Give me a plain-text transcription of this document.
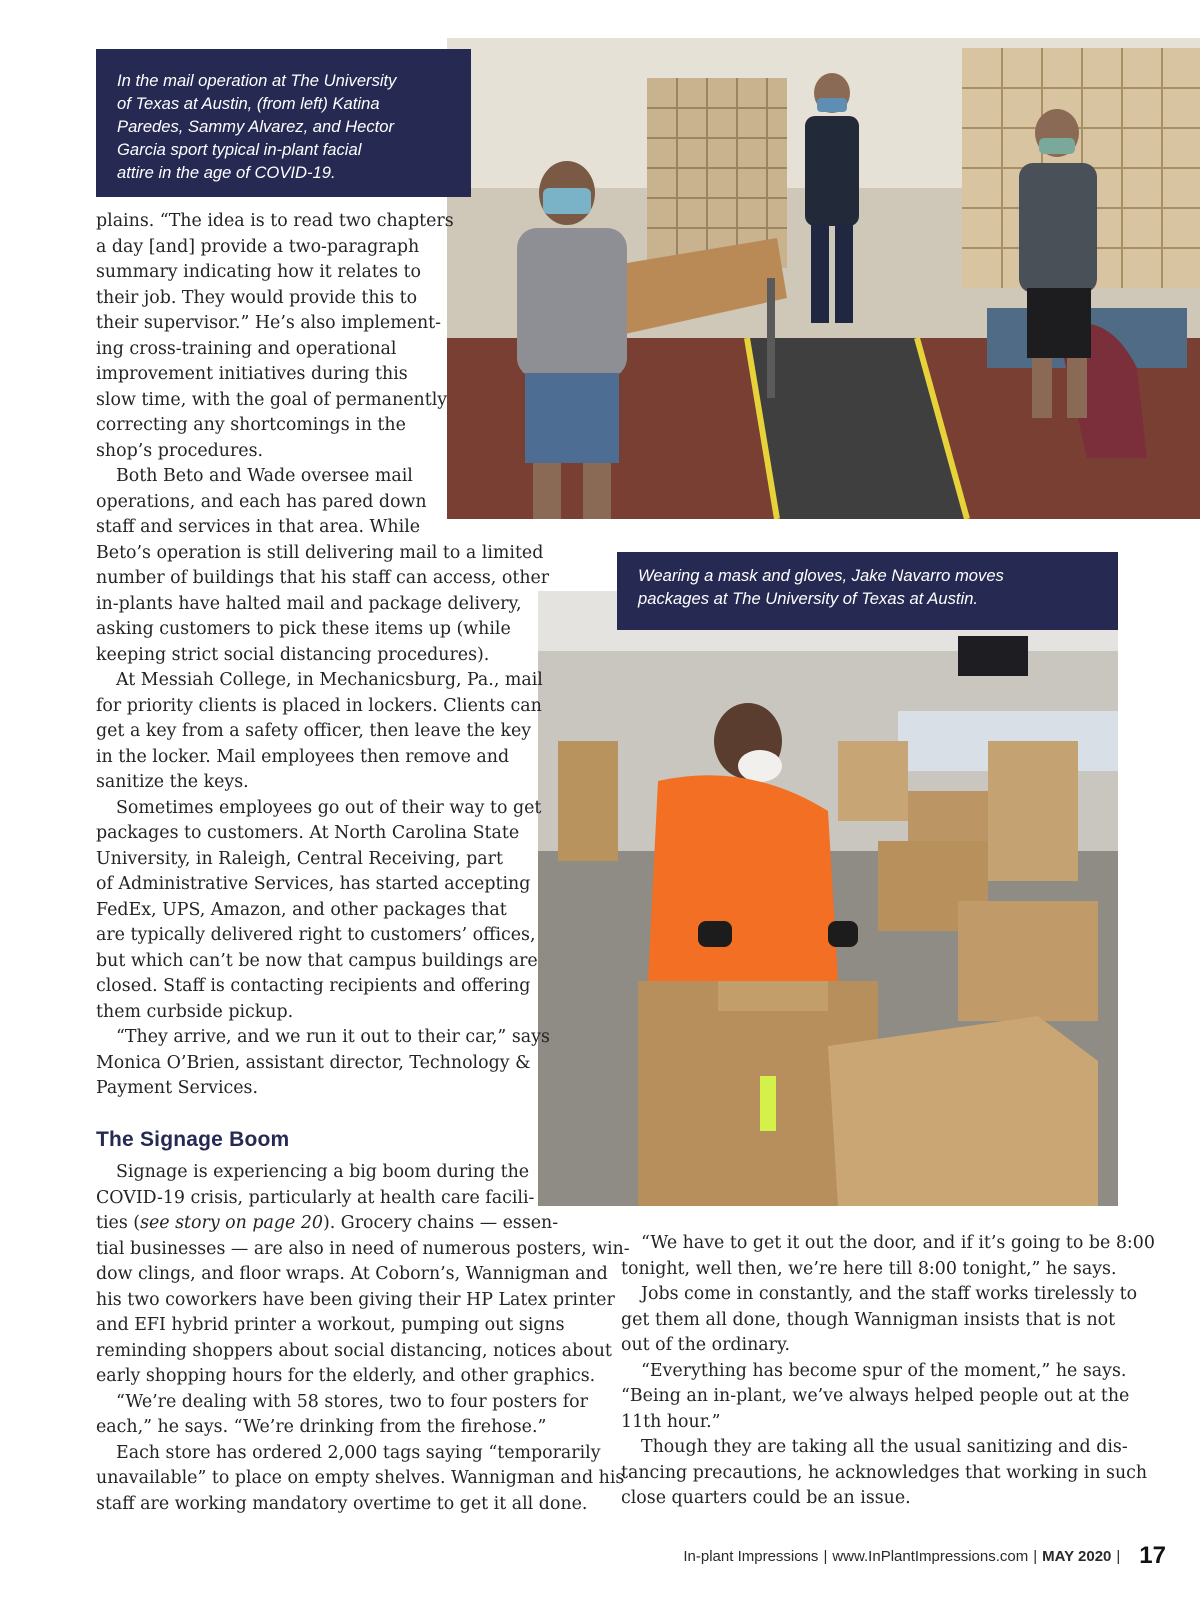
In the mail operation at The University
of Texas at Austin, (from left) Katina
Paredes, Sammy Alvarez, and Hector
Garcia sport typical in-plant facial
attire in the age of COVID-19.
Wearing a mask and gloves, Jake Navarro moves
packages at The University of Texas at Austin.
plains. “The idea is to read two chapters
a day [and] provide a two-paragraph
summary indicating how it relates to
their job. They would provide this to
their supervisor.” He’s also implement-
ing cross-training and operational
improvement initiatives during this
slow time, with the goal of permanently
correcting any shortcomings in the
shop’s procedures.
Both Beto and Wade oversee mail
operations, and each has pared down
staff and services in that area. While
Beto’s operation is still delivering mail to a limited
number of buildings that his staff can access, other
in-plants have halted mail and package delivery,
asking customers to pick these items up (while
keeping strict social distancing procedures).
At Messiah College, in Mechanicsburg, Pa., mail
for priority clients is placed in lockers. Clients can
get a key from a safety officer, then leave the key
in the locker. Mail employees then remove and
sanitize the keys.
Sometimes employees go out of their way to get
packages to customers. At North Carolina State
University, in Raleigh, Central Receiving, part
of Administrative Services, has started accepting
FedEx, UPS, Amazon, and other packages that
are typically delivered right to customers’ offices,
but which can’t be now that campus buildings are
closed. Staff is contacting recipients and offering
them curbside pickup.
“They arrive, and we run it out to their car,” says
Monica O’Brien, assistant director, Technology &
Payment Services.
The Signage Boom
Signage is experiencing a big boom during the
COVID-19 crisis, particularly at health care facili-
ties (see story on page 20). Grocery chains — essen-
tial businesses — are also in need of numerous posters, win-
dow clings, and floor wraps. At Coborn’s, Wannigman and
his two coworkers have been giving their HP Latex printer
and EFI hybrid printer a workout, pumping out signs
reminding shoppers about social distancing, notices about
early shopping hours for the elderly, and other graphics.
“We’re dealing with 58 stores, two to four posters for
each,” he says. “We’re drinking from the firehose.”
Each store has ordered 2,000 tags saying “temporarily
unavailable” to place on empty shelves. Wannigman and his
staff are working mandatory overtime to get it all done.
“We have to get it out the door, and if it’s going to be 8:00
tonight, well then, we’re here till 8:00 tonight,” he says.
Jobs come in constantly, and the staff works tirelessly to
get them all done, though Wannigman insists that is not
out of the ordinary.
“Everything has become spur of the moment,” he says.
“Being an in-plant, we’ve always helped people out at the
11th hour.”
Though they are taking all the usual sanitizing and dis-
tancing precautions, he acknowledges that working in such
close quarters could be an issue.
In-plant Impressions | www.InPlantImpressions.com | MAY 2020 | 17
